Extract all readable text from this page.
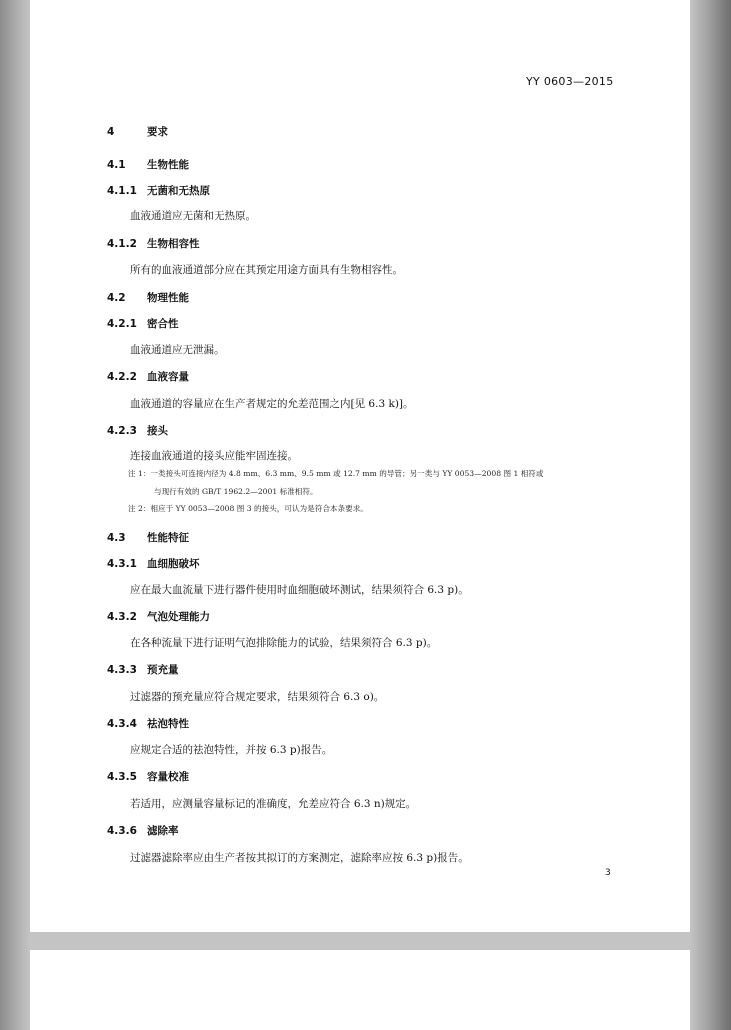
YY 0603—2015
4	要求
4.1 生物性能
4.1.1 无菌和无热原
血液通道应无菌和无热原。
4.1.2 生物相容性
所有的血液通道部分应在其预定用途方面具有生物相容性。
4.2 物理性能
4.2.1 密合性
血液通道应无泄漏。
4.2.2 血液容量
血液通道的容量应在生产者规定的允差范围之内[见 6.3 k)]。
4.2.3 接头
连接血液通道的接头应能牢固连接。
注 1：一类接头可连接内径为 4.8 mm、6.3 mm、9.5 mm 或 12.7 mm 的导管；另一类与 YY 0053—2008 图 1 相符或
与现行有效的 GB/T 1962.2—2001 标准相符。
注 2：相应于 YY 0053—2008 图 3 的接头，可认为是符合本条要求。
4.3 性能特征
4.3.1 血细胞破坏
应在最大血流量下进行器件使用时血细胞破坏测试，结果须符合 6.3 p)。
4.3.2 气泡处理能力
在各种流量下进行证明气泡排除能力的试验，结果须符合 6.3 p)。
4.3.3 预充量
过滤器的预充量应符合规定要求，结果须符合 6.3 o)。
4.3.4 祛泡特性
应规定合适的祛泡特性，并按 6.3 p)报告。
4.3.5 容量校准
若适用，应测量容量标记的准确度，允差应符合 6.3 n)规定。
4.3.6 滤除率
过滤器滤除率应由生产者按其拟订的方案测定，滤除率应按 6.3 p)报告。
3
